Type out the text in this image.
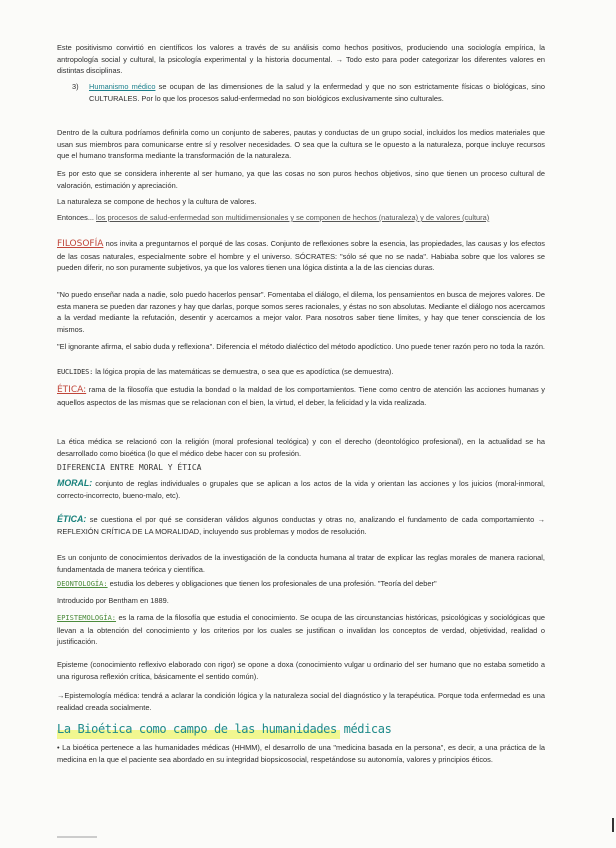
Este positivismo convirtió en científicos los valores a través de su análisis como hechos positivos, produciendo una sociología empírica, la antropología social y cultural, la psicología experimental y la historia documental. → Todo esto para poder categorizar los diferentes valores en distintas disciplinas.

3) Humanismo médico se ocupan de las dimensiones de la salud y la enfermedad y que no son estrictamente físicas o biológicas, sino CULTURALES. Por lo que los procesos salud-enfermedad no son biológicos exclusivamente sino culturales.

Dentro de la cultura podríamos definirla como un conjunto de saberes, pautas y conductas de un grupo social, incluidos los medios materiales que usan sus miembros para comunicarse entre sí y resolver necesidades. O sea que la cultura se le opuesto a la naturaleza, porque incluye recursos que el humano transforma mediante la transformación de la naturaleza.

Es por esto que se considera inherente al ser humano, ya que las cosas no son puros hechos objetivos, sino que tienen un proceso cultural de valoración, estimación y apreciación.

La naturaleza se compone de hechos y la cultura de valores.

Entonces... los procesos de salud-enfermedad son multidimensionales y se componen de hechos (naturaleza) y de valores (cultura)

FILOSOFÍA nos invita a preguntarnos el porqué de las cosas. Conjunto de reflexiones sobre la esencia, las propiedades, las causas y los efectos de las cosas naturales, especialmente sobre el hombre y el universo. SÓCRATES: "sólo sé que no se nada". Habiaba sobre que los valores se pueden diferir, no son puramente subjetivos, ya que los valores tienen una lógica distinta a la de las ciencias duras.

"No puedo enseñar nada a nadie, solo puedo hacerlos pensar". Fomentaba el diálogo, el dilema, los pensamientos en busca de mejores valores. De esta manera se pueden dar razones y hay que darlas, porque somos seres racionales, y éstas no son absolutas. Mediante el diálogo nos acercamos a la verdad mediante la refutación, desentir y acercamos a mejor valor. Para nosotros saber tiene límites, y hay que tener consciencia de los mismos.

"El ignorante afirma, el sabio duda y reflexiona". Diferencia el método dialéctico del método apodíctico. Uno puede tener razón pero no toda la razón.

EUCLIDES: la lógica propia de las matemáticas se demuestra, o sea que es apodíctica (se demuestra).

ÉTICA: rama de la filosofía que estudia la bondad o la maldad de los comportamientos. Tiene como centro de atención las acciones humanas y aquellos aspectos de las mismas que se relacionan con el bien, la virtud, el deber, la felicidad y la vida realizada.

La ética médica se relacionó con la religión (moral profesional teológica) y con el derecho (deontológico profesional), en la actualidad se ha desarrollado como bioética (lo que el médico debe hacer con su profesión.

DIFERENCIA ENTRE MORAL Y ÉTICA

MORAL: conjunto de reglas individuales o grupales que se aplican a los actos de la vida y orientan las acciones y los juicios (moral-inmoral, correcto-incorrecto, bueno-malo, etc).

ÉTICA: se cuestiona el por qué se consideran válidos algunos conductas y otras no, analizando el fundamento de cada comportamiento → REFLEXIÓN CRÍTICA DE LA MORALIDAD, incluyendo sus problemas y modos de resolución.

Es un conjunto de conocimientos derivados de la investigación de la conducta humana al tratar de explicar las reglas morales de manera racional, fundamentada de manera teórica y científica.

DEONTOLOGÍA: estudia los deberes y obligaciones que tienen los profesionales de una profesión. "Teoría del deber"

Introducido por Bentham en 1889.

EPISTEMOLOGÍA: es la rama de la filosofía que estudia el conocimiento. Se ocupa de las circunstancias históricas, psicológicas y sociológicas que llevan a la obtención del conocimiento y los criterios por los cuales se justifican o invalidan los conceptos de verdad, objetividad, realidad o justificación.

Episteme (conocimiento reflexivo elaborado con rigor) se opone a doxa (conocimiento vulgar u ordinario del ser humano que no estaba sometido a una rigurosa reflexión crítica, básicamente el sentido común).

→Epistemología médica: tendrá a aclarar la condición lógica y la naturaleza social del diagnóstico y la terapéutica. Porque toda enfermedad es una realidad creada socialmente.

La Bioética como campo de las humanidades médicas

• La bioética pertenece a las humanidades médicas (HHMM), el desarrollo de una "medicina basada en la persona", es decir, a una práctica de la medicina en la que el paciente sea abordado en su integridad biopsicosocial, respetándose su autonomía, valores y principios éticos.
